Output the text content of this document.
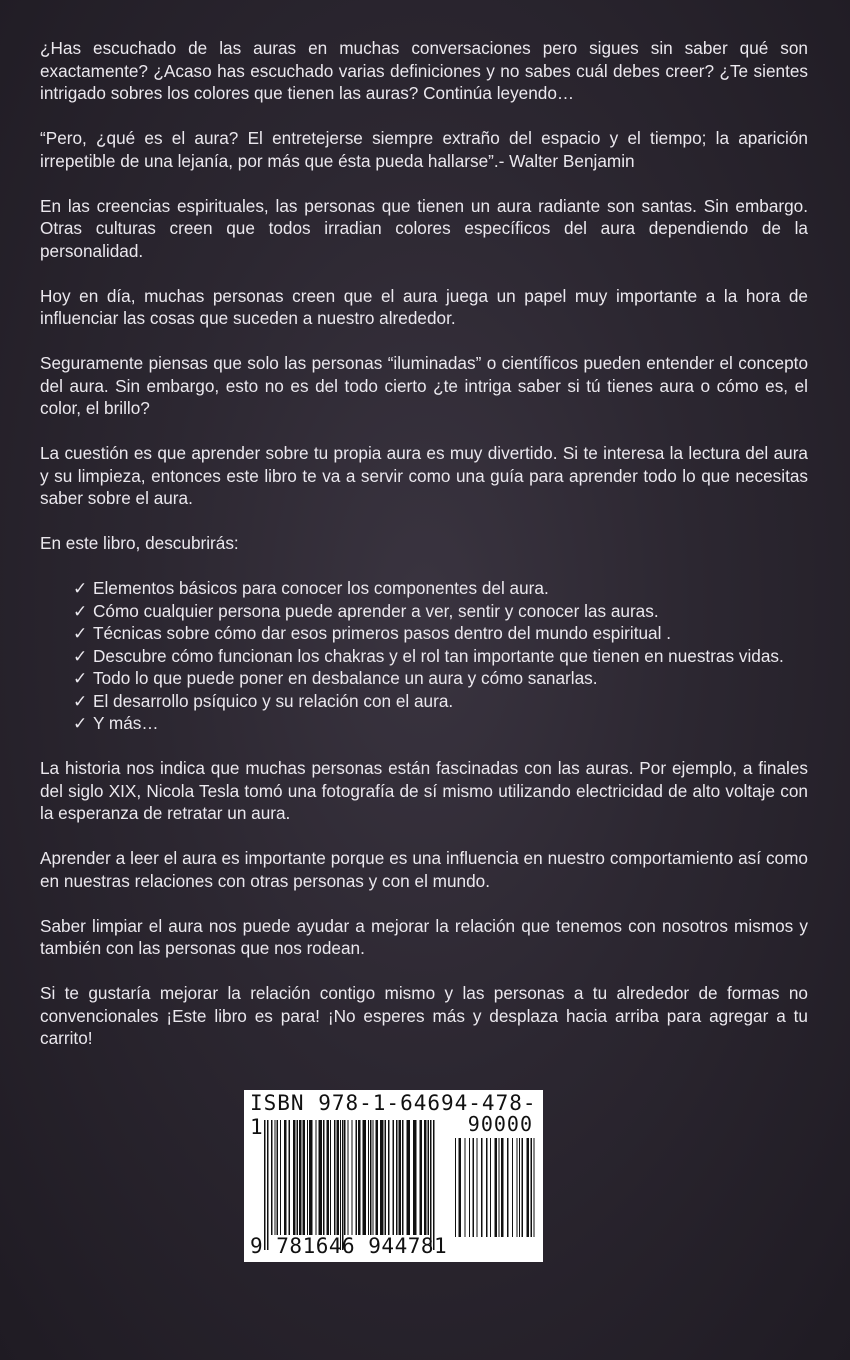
¿Has escuchado de las auras en muchas conversaciones pero sigues sin saber qué son exactamente? ¿Acaso has escuchado varias definiciones y no sabes cuál debes creer? ¿Te sientes intrigado sobres los colores que tienen las auras? Continúa leyendo…

“Pero, ¿qué es el aura? El entretejerse siempre extraño del espacio y el tiempo; la aparición irrepetible de una lejanía, por más que ésta pueda hallarse”.- Walter Benjamin

En las creencias espirituales, las personas que tienen un aura radiante son santas. Sin embargo. Otras culturas creen que todos irradian colores específicos del aura dependiendo de la personalidad.

Hoy en día, muchas personas creen que el aura juega un papel muy importante a la hora de influenciar las cosas que suceden a nuestro alrededor.

Seguramente piensas que solo las personas “iluminadas” o científicos pueden entender el concepto del aura. Sin embargo, esto no es del todo cierto ¿te intriga saber si tú tienes aura o cómo es, el color, el brillo?

La cuestión es que aprender sobre tu propia aura es muy divertido. Si te interesa la lectura del aura y su limpieza, entonces este libro te va a servir como una guía para aprender todo lo que necesitas saber sobre el aura.

En este libro, descubrirás:

✓ Elementos básicos para conocer los componentes del aura.
✓ Cómo cualquier persona puede aprender a ver, sentir y conocer las auras.
✓ Técnicas sobre cómo dar esos primeros pasos dentro del mundo espiritual .
✓ Descubre cómo funcionan los chakras y el rol tan importante que tienen en nuestras vidas.
✓ Todo lo que puede poner en desbalance un aura y cómo sanarlas.
✓ El desarrollo psíquico y su relación con el aura.
✓ Y más…

La historia nos indica que muchas personas están fascinadas con las auras. Por ejemplo, a finales del siglo XIX, Nicola Tesla tomó una fotografía de sí mismo utilizando electricidad de alto voltaje con la esperanza de retratar un aura.

Aprender a leer el aura es importante porque es una influencia en nuestro comportamiento así como en nuestras relaciones con otras personas y con el mundo.

Saber limpiar el aura nos puede ayudar a mejorar la relación que tenemos con nosotros mismos y también con las personas que nos rodean.

Si te gustaría mejorar la relación contigo mismo y las personas a tu alrededor de formas no convencionales ¡Este libro es para! ¡No esperes más y desplaza hacia arriba para agregar a tu carrito!

ISBN 978-1-64694-478-1	90000
9 781646 944781
